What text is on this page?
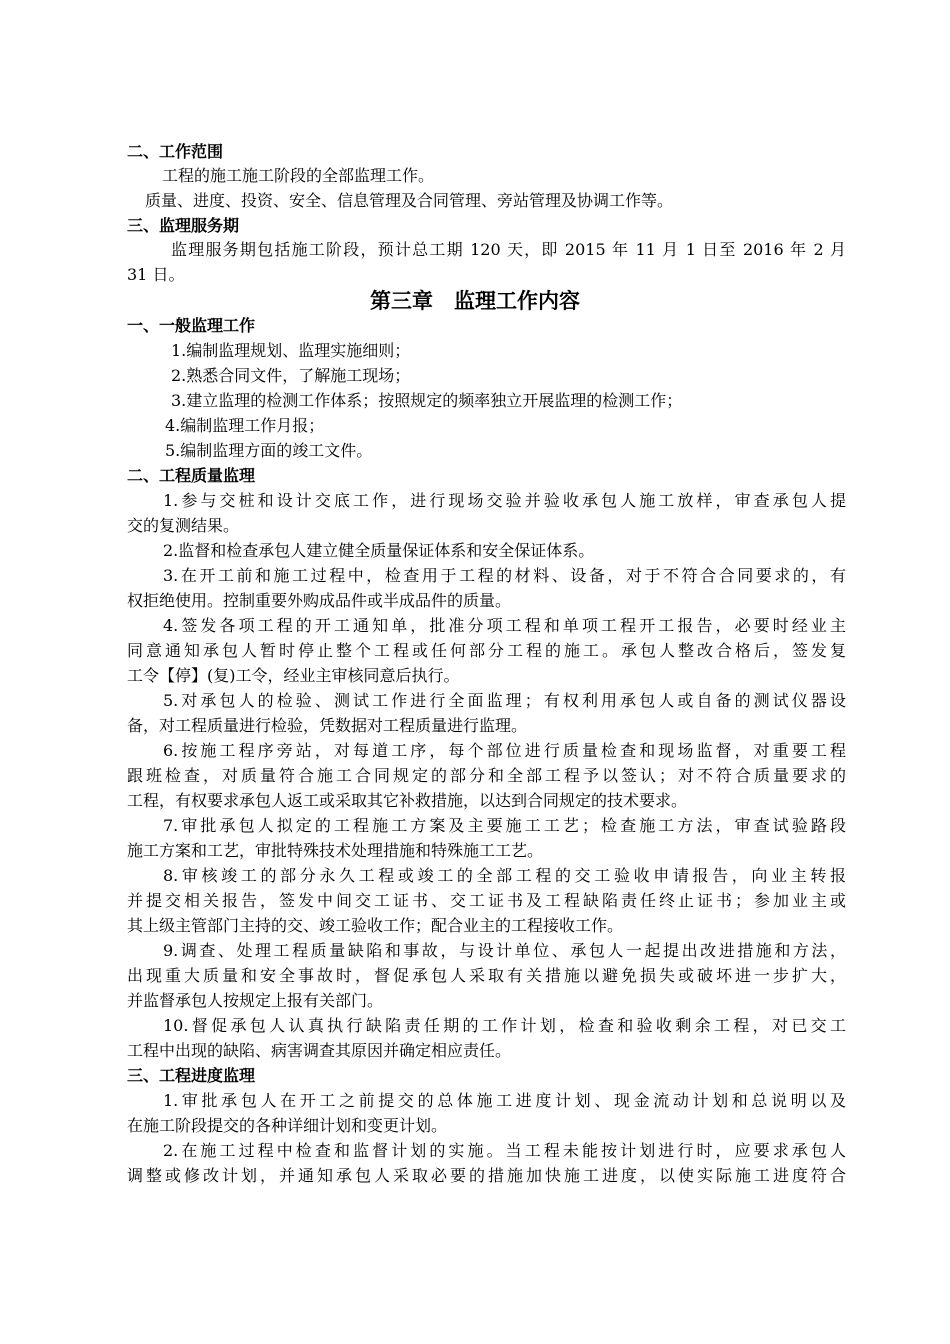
二、工作范围
工程的施工施工阶段的全部监理工作。
质量、进度、投资、安全、信息管理及合同管理、旁站管理及协调工作等。
三、监理服务期
监理服务期包括施工阶段，预计总工期 120 天，即 2015 年 11 月 1 日至 2016 年 2 月
31 日。
第三章　监理工作内容
一、一般监理工作
1.编制监理规划、监理实施细则；
2.熟悉合同文件，了解施工现场；
3.建立监理的检测工作体系；按照规定的频率独立开展监理的检测工作；
4.编制监理工作月报；
5.编制监理方面的竣工文件。
二、工程质量监理
1.参与交桩和设计交底工作，进行现场交验并验收承包人施工放样，审查承包人提
交的复测结果。
2.监督和检查承包人建立健全质量保证体系和安全保证体系。
3.在开工前和施工过程中，检查用于工程的材料、设备，对于不符合合同要求的，有
权拒绝使用。控制重要外购成品件或半成品件的质量。
4.签发各项工程的开工通知单，批准分项工程和单项工程开工报告，必要时经业主
同意通知承包人暂时停止整个工程或任何部分工程的施工。承包人整改合格后，签发复
工令【停】(复)工令，经业主审核同意后执行。
5.对承包人的检验、测试工作进行全面监理；有权利用承包人或自备的测试仪器设
备，对工程质量进行检验，凭数据对工程质量进行监理。
6.按施工程序旁站，对每道工序，每个部位进行质量检查和现场监督，对重要工程
跟班检查，对质量符合施工合同规定的部分和全部工程予以签认；对不符合质量要求的
工程，有权要求承包人返工或采取其它补救措施，以达到合同规定的技术要求。
7.审批承包人拟定的工程施工方案及主要施工工艺；检查施工方法，审查试验路段
施工方案和工艺，审批特殊技术处理措施和特殊施工工艺。
8.审核竣工的部分永久工程或竣工的全部工程的交工验收申请报告，向业主转报
并提交相关报告，签发中间交工证书、交工证书及工程缺陷责任终止证书；参加业主或
其上级主管部门主持的交、竣工验收工作；配合业主的工程接收工作。
9.调查、处理工程质量缺陷和事故，与设计单位、承包人一起提出改进措施和方法，
出现重大质量和安全事故时，督促承包人采取有关措施以避免损失或破坏进一步扩大，
并监督承包人按规定上报有关部门。
10.督促承包人认真执行缺陷责任期的工作计划，检查和验收剩余工程，对已交工
工程中出现的缺陷、病害调查其原因并确定相应责任。
三、工程进度监理
1.审批承包人在开工之前提交的总体施工进度计划、现金流动计划和总说明以及
在施工阶段提交的各种详细计划和变更计划。
2.在施工过程中检查和监督计划的实施。当工程未能按计划进行时，应要求承包人
调整或修改计划，并通知承包人采取必要的措施加快施工进度，以使实际施工进度符合
